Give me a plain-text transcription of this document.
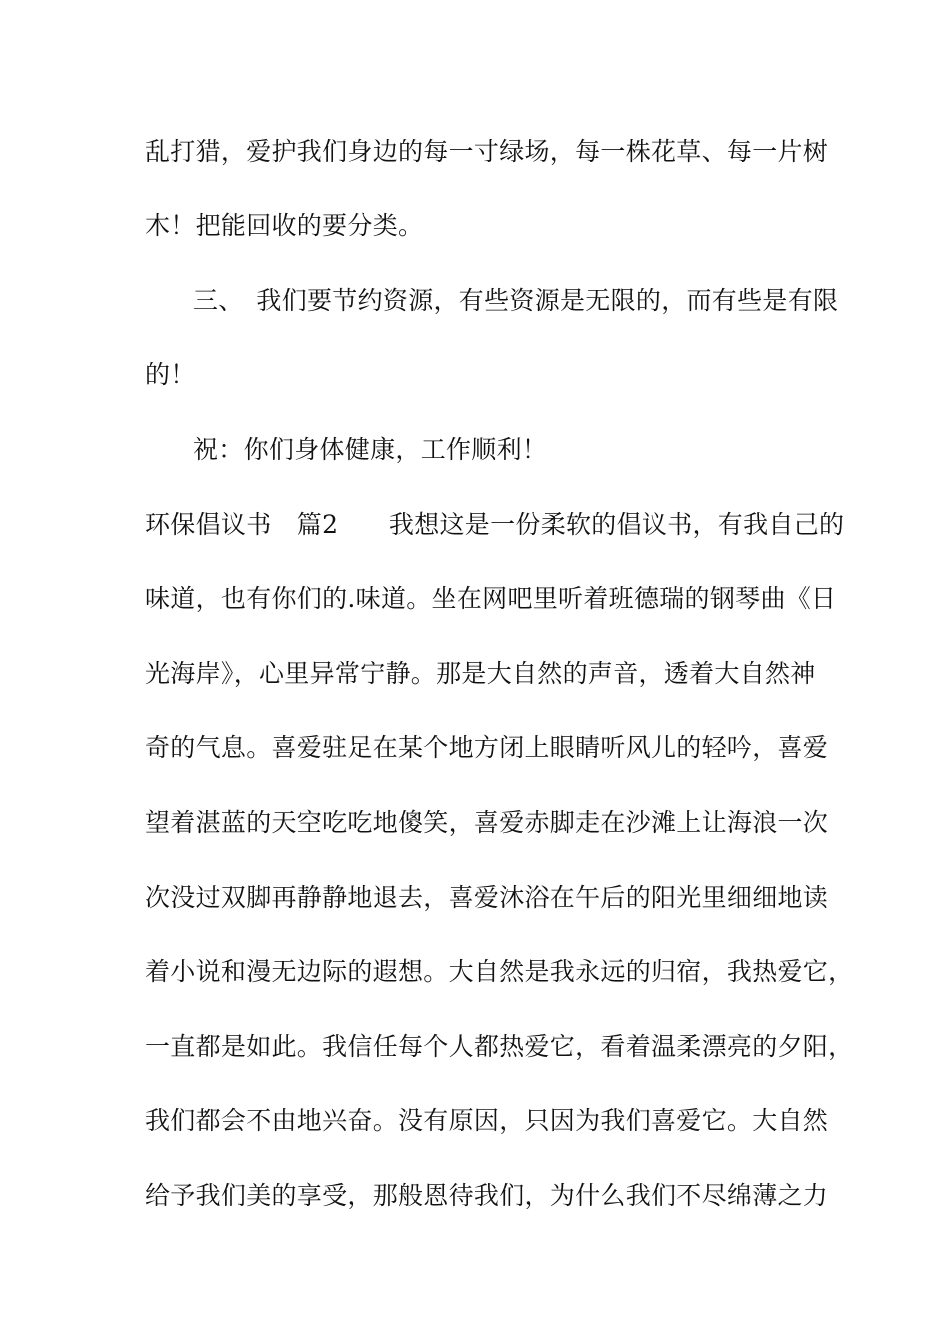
乱打猎，爱护我们身边的每一寸绿场，每一株花草、每一片树
木！把能回收的要分类。
三、　我们要节约资源，有些资源是无限的，而有些是有限
的！
祝：你们身体健康，工作顺利！
环保倡议书　篇2　　我想这是一份柔软的倡议书，有我自己的
味道，也有你们的.味道。坐在网吧里听着班德瑞的钢琴曲《日
光海岸》，心里异常宁静。那是大自然的声音，透着大自然神
奇的气息。喜爱驻足在某个地方闭上眼睛听风儿的轻吟，喜爱
望着湛蓝的天空吃吃地傻笑，喜爱赤脚走在沙滩上让海浪一次
次没过双脚再静静地退去，喜爱沐浴在午后的阳光里细细地读
着小说和漫无边际的遐想。大自然是我永远的归宿，我热爱它，
一直都是如此。我信任每个人都热爱它，看着温柔漂亮的夕阳，
我们都会不由地兴奋。没有原因，只因为我们喜爱它。大自然
给予我们美的享受，那般恩待我们，为什么我们不尽绵薄之力
